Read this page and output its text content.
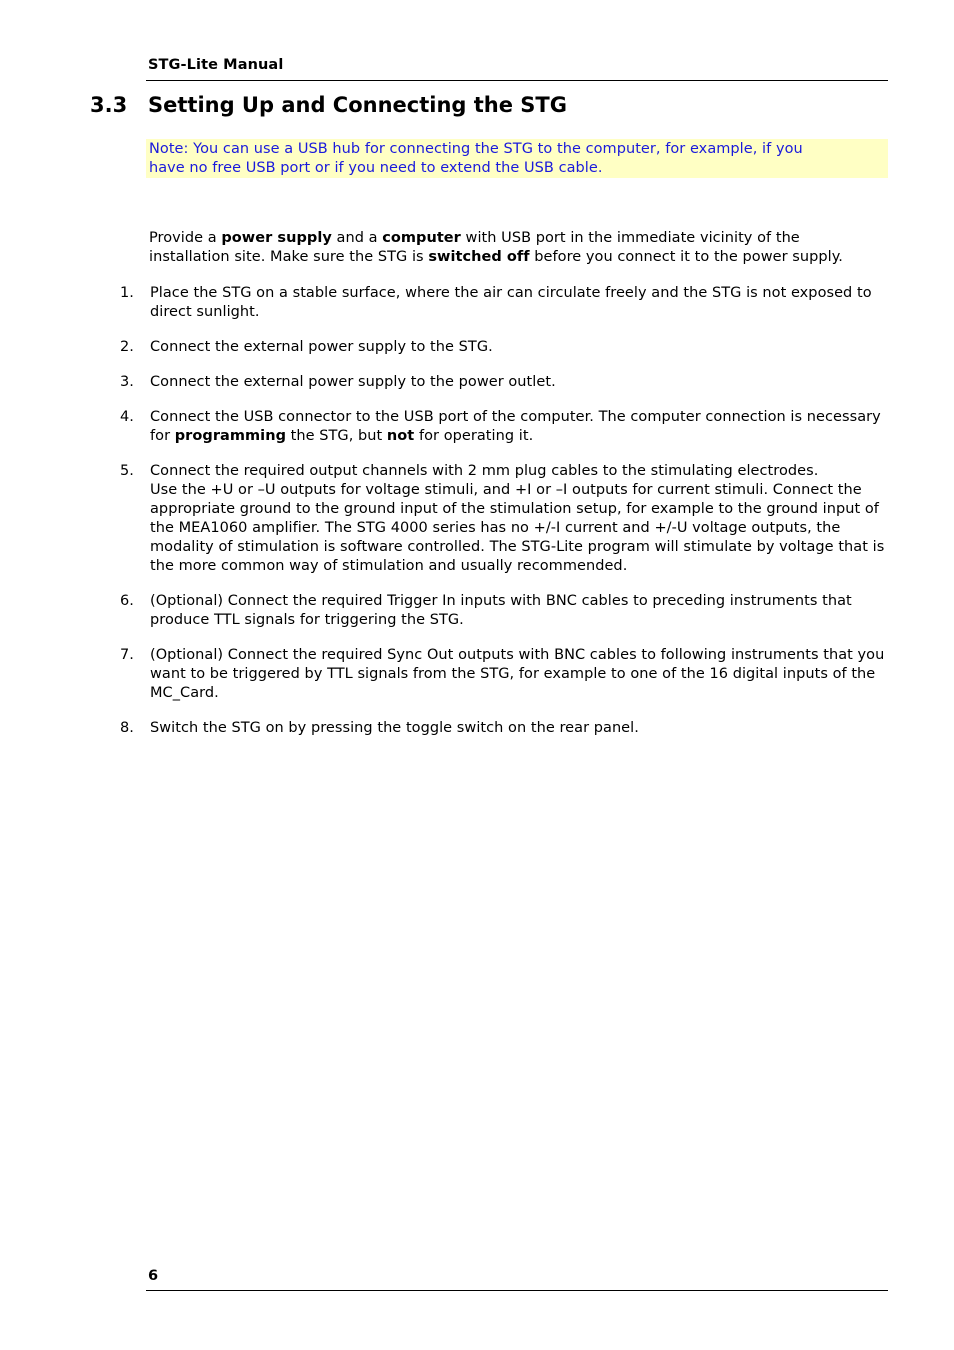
STG-Lite Manual
3.3 Setting Up and Connecting the STG
Note: You can use a USB hub for connecting the STG to the computer, for example, if you
have no free USB port or if you need to extend the USB cable.
Provide a power supply and a computer with USB port in the immediate vicinity of the installation site. Make sure the STG is switched off before you connect it to the power supply.
1. Place the STG on a stable surface, where the air can circulate freely and the STG is not exposed to direct sunlight.
2. Connect the external power supply to the STG.
3. Connect the external power supply to the power outlet.
4. Connect the USB connector to the USB port of the computer. The computer connection is necessary for programming the STG, but not for operating it.
5. Connect the required output channels with 2 mm plug cables to the stimulating electrodes.
Use the +U or –U outputs for voltage stimuli, and +I or –I outputs for current stimuli. Connect the appropriate ground to the ground input of the stimulation setup, for example to the ground input of the MEA1060 amplifier. The STG 4000 series has no +/-I current and +/-U voltage outputs, the modality of stimulation is software controlled. The STG-Lite program will stimulate by voltage that is the more common way of stimulation and usually recommended.
6. (Optional) Connect the required Trigger In inputs with BNC cables to preceding instruments that produce TTL signals for triggering the STG.
7. (Optional) Connect the required Sync Out outputs with BNC cables to following instruments that you want to be triggered by TTL signals from the STG, for example to one of the 16 digital inputs of the MC_Card.
8. Switch the STG on by pressing the toggle switch on the rear panel.
6
